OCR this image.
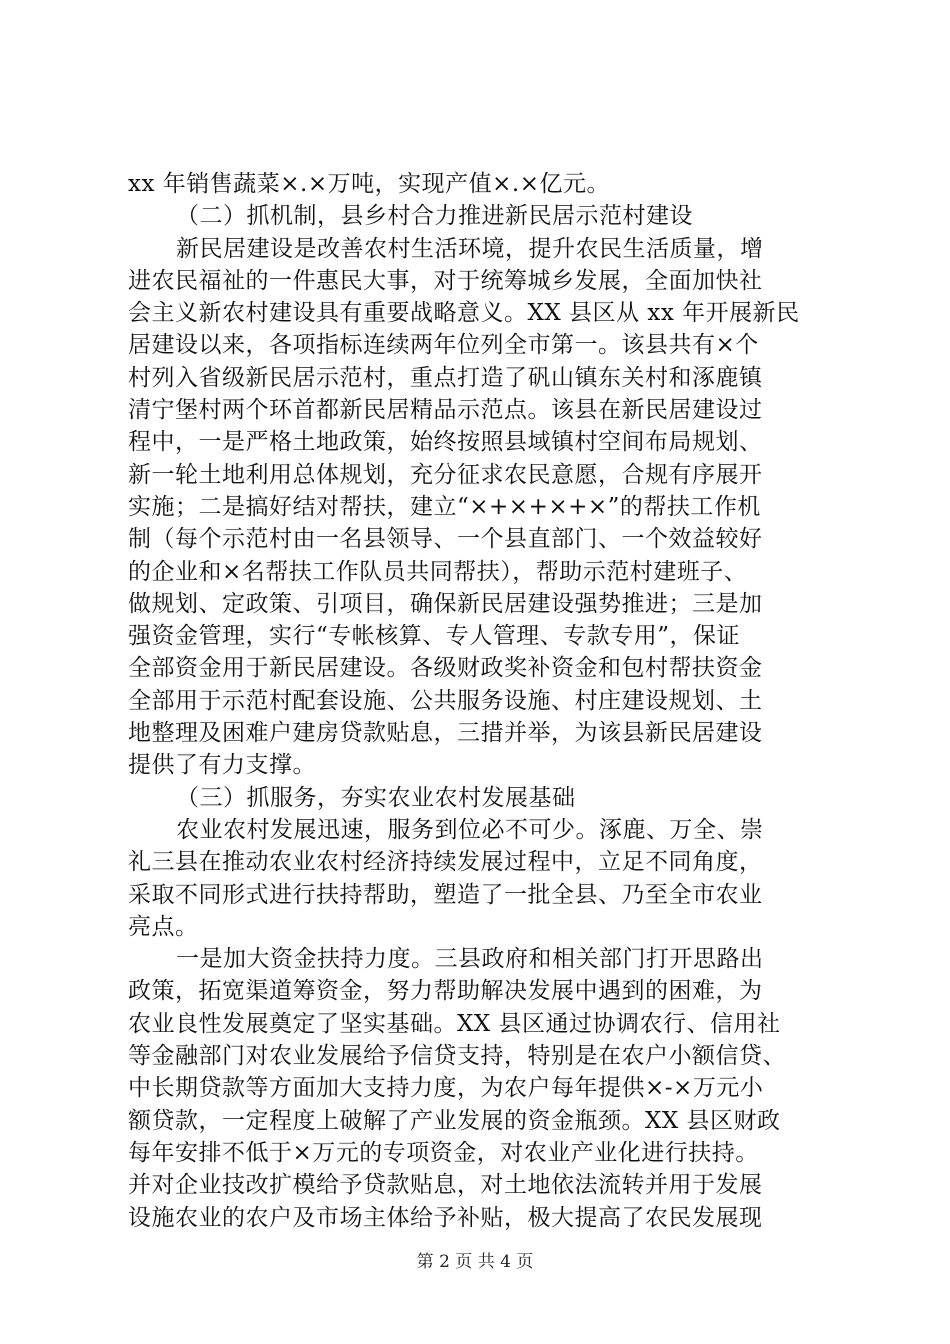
xx 年销售蔬菜×.×万吨，实现产值×.×亿元。
（二）抓机制，县乡村合力推进新民居示范村建设
新民居建设是改善农村生活环境，提升农民生活质量，增
进农民福祉的一件惠民大事，对于统筹城乡发展，全面加快社
会主义新农村建设具有重要战略意义。XX 县区从 xx 年开展新民
居建设以来，各项指标连续两年位列全市第一。该县共有×个
村列入省级新民居示范村，重点打造了矾山镇东关村和涿鹿镇
清宁堡村两个环首都新民居精品示范点。该县在新民居建设过
程中，一是严格土地政策，始终按照县域镇村空间布局规划、
新一轮土地利用总体规划，充分征求农民意愿，合规有序展开
实施；二是搞好结对帮扶，建立“×+×+×+×”的帮扶工作机
制（每个示范村由一名县领导、一个县直部门、一个效益较好
的企业和×名帮扶工作队员共同帮扶），帮助示范村建班子、
做规划、定政策、引项目，确保新民居建设强势推进；三是加
强资金管理，实行“专帐核算、专人管理、专款专用”，保证
全部资金用于新民居建设。各级财政奖补资金和包村帮扶资金
全部用于示范村配套设施、公共服务设施、村庄建设规划、土
地整理及困难户建房贷款贴息，三措并举，为该县新民居建设
提供了有力支撑。
（三）抓服务，夯实农业农村发展基础
农业农村发展迅速，服务到位必不可少。涿鹿、万全、崇
礼三县在推动农业农村经济持续发展过程中，立足不同角度，
采取不同形式进行扶持帮助，塑造了一批全县、乃至全市农业
亮点。
一是加大资金扶持力度。三县政府和相关部门打开思路出
政策，拓宽渠道筹资金，努力帮助解决发展中遇到的困难，为
农业良性发展奠定了坚实基础。XX 县区通过协调农行、信用社
等金融部门对农业发展给予信贷支持，特别是在农户小额信贷、
中长期贷款等方面加大支持力度，为农户每年提供×-×万元小
额贷款，一定程度上破解了产业发展的资金瓶颈。XX 县区财政
每年安排不低于×万元的专项资金，对农业产业化进行扶持。
并对企业技改扩模给予贷款贴息，对土地依法流转并用于发展
设施农业的农户及市场主体给予补贴，极大提高了农民发展现
第 2 页 共 4 页
